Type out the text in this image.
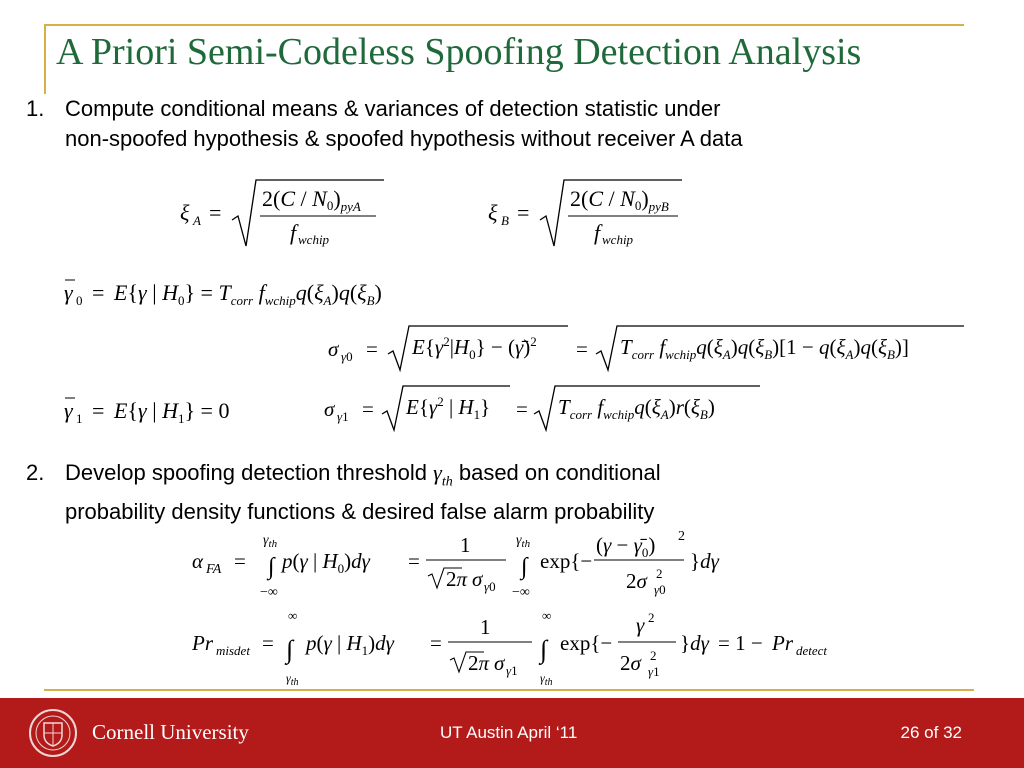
A Priori Semi-Codeless Spoofing Detection Analysis
1. Compute conditional means & variances of detection statistic under
non-spoofed hypothesis & spoofed hypothesis without receiver A data
ξ A =
$2(C / N0)_{pyA}$
f wchip
ξ B =
$2(C / N0)_{pyB}$
f wchip
γ 0 = E{γ | $H_0\} = T_{corr}$ $f_{wchip}q(\xi_A)q(\xi_B)$
σ $\gamma 0 = E\{\gamma^2|H_0\}$ − (γ̄)$^2$ = $T_{corr}$ $f_{wchip}q(\xi_A)q(\xi_B)[1 - q(\xi_A)q(\xi_B)]$
γ 1 = E{γ | $H_1\} = 0$	σ $\gamma 1 = E\{\gamma^2$ | $H_1\} = T_{corr}$ $f_{wchip}q(\xi_A)r(\xi_B)$
2. Develop spoofing detection threshold $\gamma_{th}$ based on conditional
probability density functions & desired false alarm probability
α FA =
$\gamma_{th}$
∫
−∞
p(γ | $H_0)d\gamma$ =
1
2π σ γ0
$\gamma_{th}$
∫
−∞
exp{−
$(\gamma - \gammā_0)$ 2
2σ 2
γ0
}dγ
Pr misdet =
∞
∫
$\gamma_{th}$
p(γ | $H_1)d\gamma$ =
1
2π σ γ1
∞
∫
$\gamma_{th}$
exp{−
γ 2
2σ 2
γ1
}dγ = 1 − Pr detect
Cornell University	UT Austin April ‘11	26 of 32
